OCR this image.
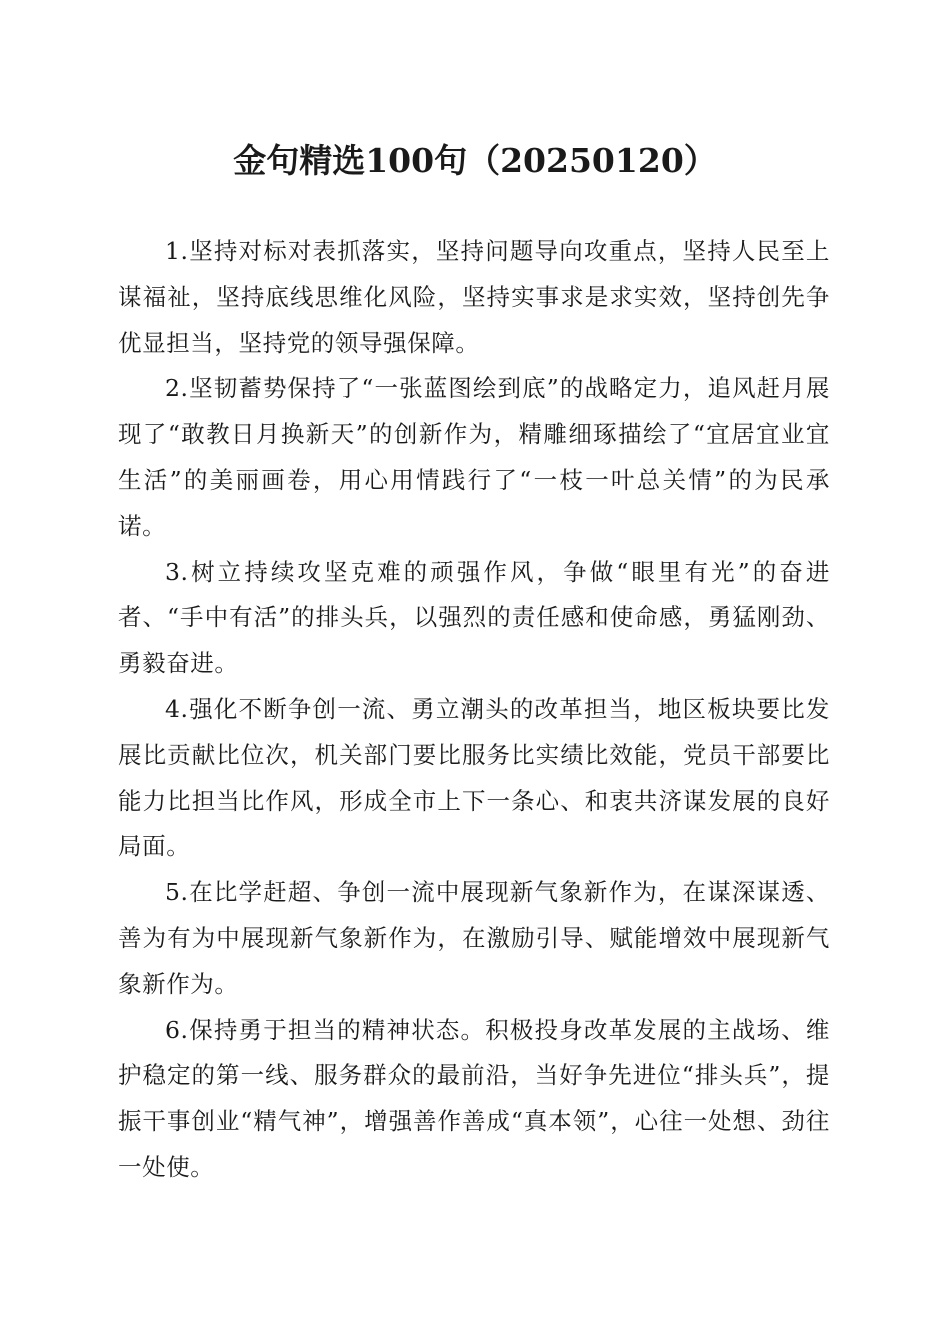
金句精选100句（20250120）

1.坚持对标对表抓落实，坚持问题导向攻重点，坚持人民至上谋福祉，坚持底线思维化风险，坚持实事求是求实效，坚持创先争优显担当，坚持党的领导强保障。

2.坚韧蓄势保持了“一张蓝图绘到底”的战略定力，追风赶月展现了“敢教日月换新天”的创新作为，精雕细琢描绘了“宜居宜业宜生活”的美丽画卷，用心用情践行了“一枝一叶总关情”的为民承诺。

3.树立持续攻坚克难的顽强作风，争做“眼里有光”的奋进者、“手中有活”的排头兵，以强烈的责任感和使命感，勇猛刚劲、勇毅奋进。

4.强化不断争创一流、勇立潮头的改革担当，地区板块要比发展比贡献比位次，机关部门要比服务比实绩比效能，党员干部要比能力比担当比作风，形成全市上下一条心、和衷共济谋发展的良好局面。

5.在比学赶超、争创一流中展现新气象新作为，在谋深谋透、善为有为中展现新气象新作为，在激励引导、赋能增效中展现新气象新作为。

6.保持勇于担当的精神状态。积极投身改革发展的主战场、维护稳定的第一线、服务群众的最前沿，当好争先进位“排头兵”，提振干事创业“精气神”，增强善作善成“真本领”，心往一处想、劲往一处使。
